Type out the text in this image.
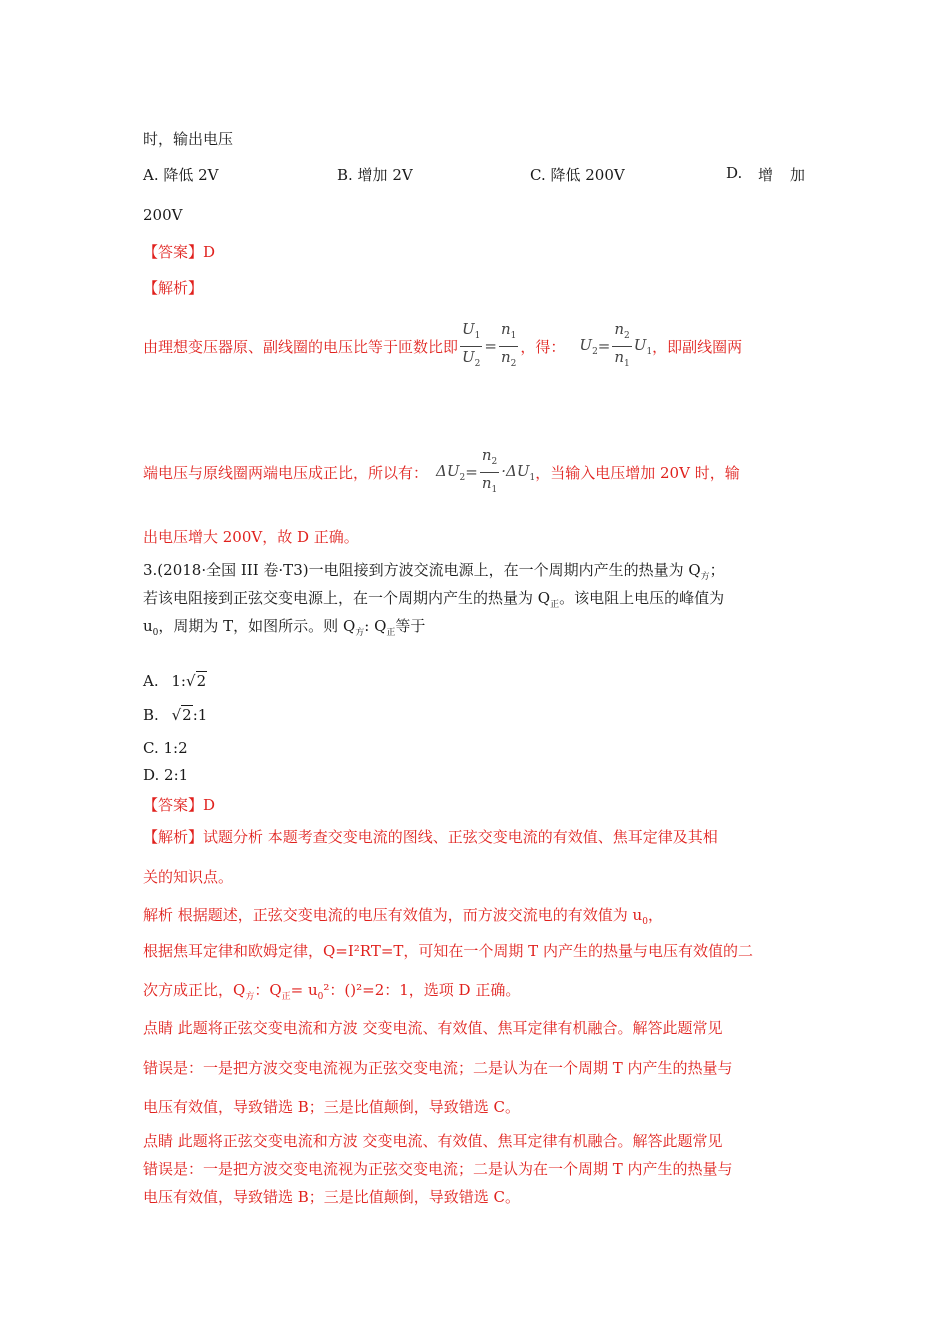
时，输出电压
A. 降低 2V	B. 增加 2V	C. 降低 200V	D. 增 加
200V
【答案】D
【解析】
由理想变压器原、副线圈的电压比等于匝数比即 $\frac{U_1}{U_2} = \frac{n_1}{n_2}$ ，得： $U_2 = \frac{n_2}{n_1} U_1$ ，即副线圈两
端电压与原线圈两端电压成正比，所以有： $\Delta U_2 = \frac{n_2}{n_1} \cdot\Delta U_1$ ，当输入电压增加 20V 时，输
出电压增大 200V，故 D 正确。
3.(2018·全国 III 卷·T3)一电阻接到方波交流电源上，在一个周期内产生的热量为 $Q_方$；
若该电阻接到正弦交变电源上，在一个周期内产生的热量为 $Q_正$。该电阻上电压的峰值为
$u_0$，周期为 T，如图所示。则 $Q_方$: $Q_正$等于
A. 1:√2
B. √2:1
C. 1:2
D. 2:1
【答案】D
【解析】试题分析 本题考查交变电流的图线、正弦交变电流的有效值、焦耳定律及其相
关的知识点。
解析 根据题述，正弦交变电流的电压有效值为，而方波交流电的有效值为 $u_0$，
根据焦耳定律和欧姆定律，Q=I²RT=T，可知在一个周期 T 内产生的热量与电压有效值的二
次方成正比，$Q_方$：$Q_正= u_0^2$：()²=2：1，选项 D 正确。
点睛 此题将正弦交变电流和方波 交变电流、有效值、焦耳定律有机融合。解答此题常见
错误是：一是把方波交变电流视为正弦交变电流；二是认为在一个周期 T 内产生的热量与
电压有效值，导致错选 B；三是比值颠倒，导致错选 C。
点睛 此题将正弦交变电流和方波 交变电流、有效值、焦耳定律有机融合。解答此题常见
错误是：一是把方波交变电流视为正弦交变电流；二是认为在一个周期 T 内产生的热量与
电压有效值，导致错选 B；三是比值颠倒，导致错选 C。
